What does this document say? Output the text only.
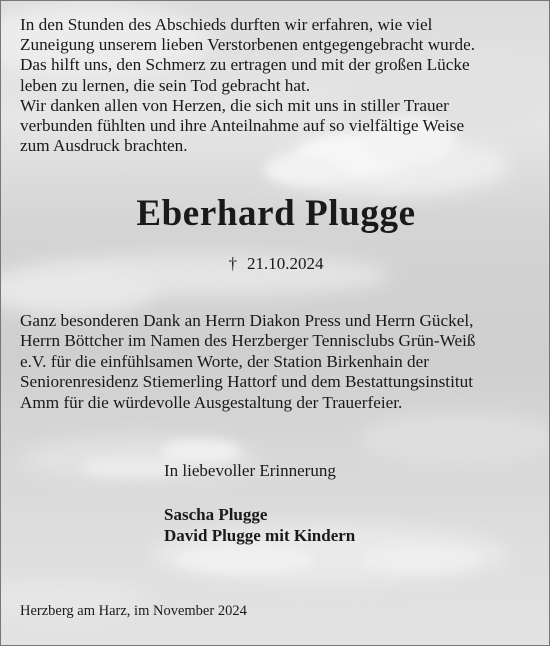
In den Stunden des Abschieds durften wir erfahren, wie viel
Zuneigung unserem lieben Verstorbenen entgegengebracht wurde.
Das hilft uns, den Schmerz zu ertragen und mit der großen Lücke
leben zu lernen, die sein Tod gebracht hat.
Wir danken allen von Herzen, die sich mit uns in stiller Trauer
verbunden fühlten und ihre Anteilnahme auf so vielfältige Weise
zum Ausdruck brachten.

Eberhard Plugge
† 21.10.2024

Ganz besonderen Dank an Herrn Diakon Press und Herrn Gückel,
Herrn Böttcher im Namen des Herzberger Tennisclubs Grün-Weiß
e.V. für die einfühlsamen Worte, der Station Birkenhain der
Seniorenresidenz Stiemerling Hattorf und dem Bestattungsinstitut
Amm für die würdevolle Ausgestaltung der Trauerfeier.

In liebevoller Erinnerung
Sascha Plugge
David Plugge mit Kindern
Herzberg am Harz, im November 2024
